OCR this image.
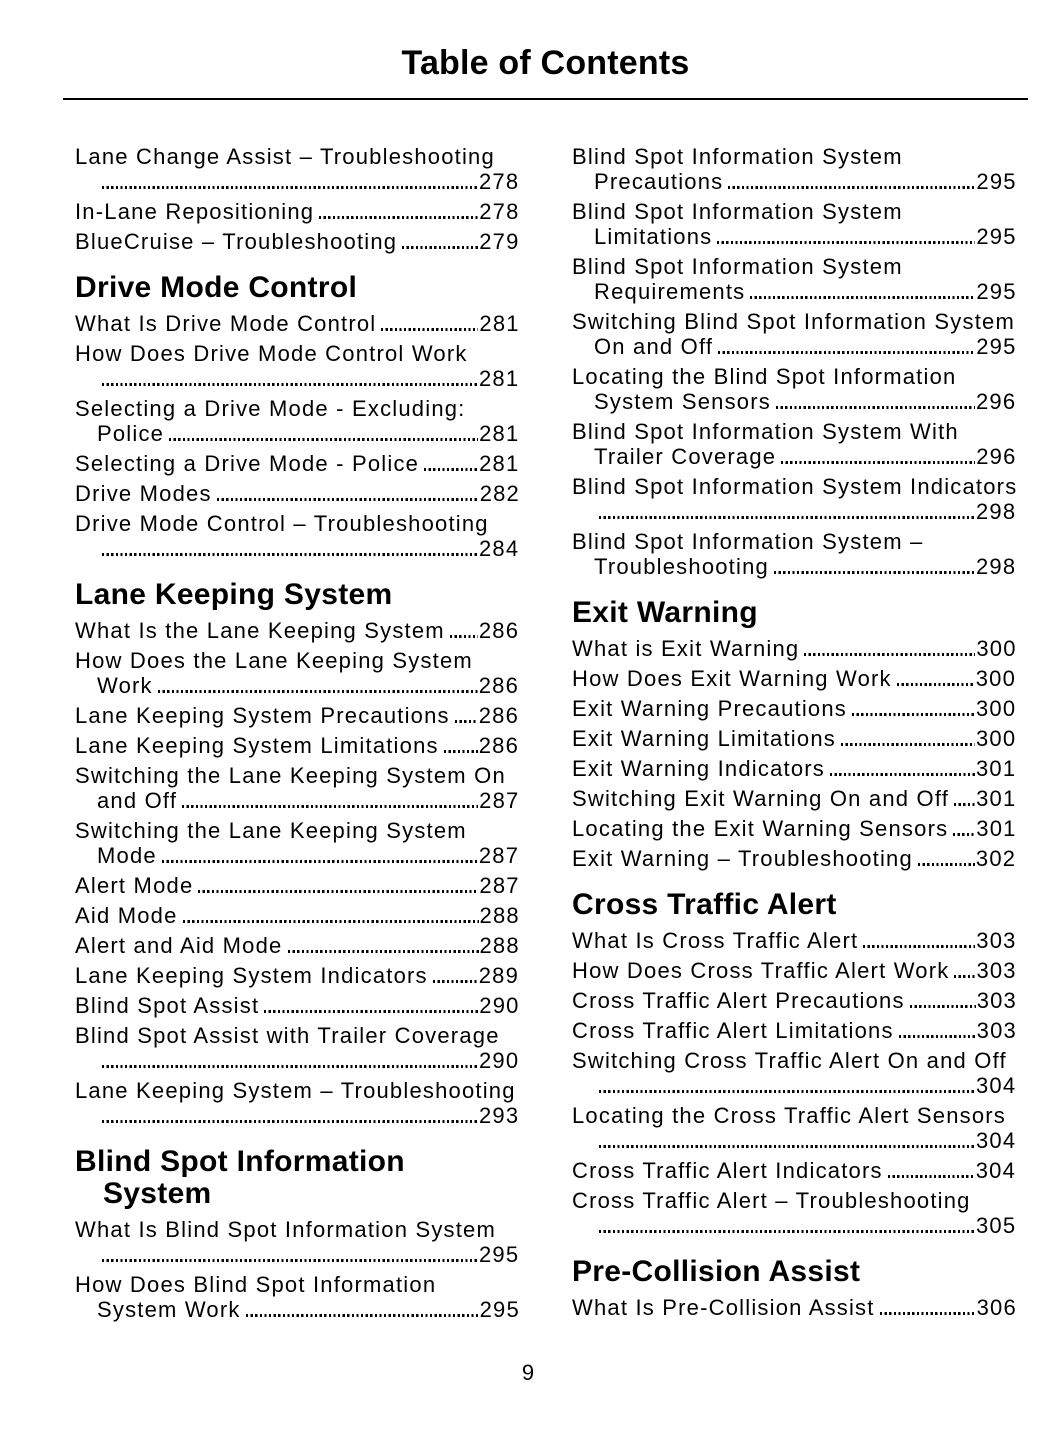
Table of Contents
Lane Change Assist – Troubleshooting
278
In-Lane Repositioning	278
BlueCruise – Troubleshooting	279
Drive Mode Control
What Is Drive Mode Control	281
How Does Drive Mode Control Work
281
Selecting a Drive Mode - Excluding: Police	281
Selecting a Drive Mode - Police	281
Drive Modes	282
Drive Mode Control – Troubleshooting
284
Lane Keeping System
What Is the Lane Keeping System 286
How Does the Lane Keeping System Work	286
Lane Keeping System Precautions 286
Lane Keeping System Limitations 286
Switching the Lane Keeping System On and Off	287
Switching the Lane Keeping System Mode	287
Alert Mode	287
Aid Mode	288
Alert and Aid Mode	288
Lane Keeping System Indicators 289
Blind Spot Assist	290
Blind Spot Assist with Trailer Coverage
290
Lane Keeping System – Troubleshooting
293
Blind Spot Information System
What Is Blind Spot Information System
295
How Does Blind Spot Information System Work	295
Blind Spot Information System Precautions	295
Blind Spot Information System Limitations	295
Blind Spot Information System Requirements	295
Switching Blind Spot Information System On and Off	295
Locating the Blind Spot Information System Sensors	296
Blind Spot Information System With Trailer Coverage	296
Blind Spot Information System Indicators
298
Blind Spot Information System – Troubleshooting	298
Exit Warning
What is Exit Warning	300
How Does Exit Warning Work	300
Exit Warning Precautions	300
Exit Warning Limitations	300
Exit Warning Indicators	301
Switching Exit Warning On and Off 301
Locating the Exit Warning Sensors 301
Exit Warning – Troubleshooting	302
Cross Traffic Alert
What Is Cross Traffic Alert	303
How Does Cross Traffic Alert Work 303
Cross Traffic Alert Precautions	303
Cross Traffic Alert Limitations	303
Switching Cross Traffic Alert On and Off
304
Locating the Cross Traffic Alert Sensors
304
Cross Traffic Alert Indicators	304
Cross Traffic Alert – Troubleshooting
305
Pre-Collision Assist
What Is Pre-Collision Assist	306
9
